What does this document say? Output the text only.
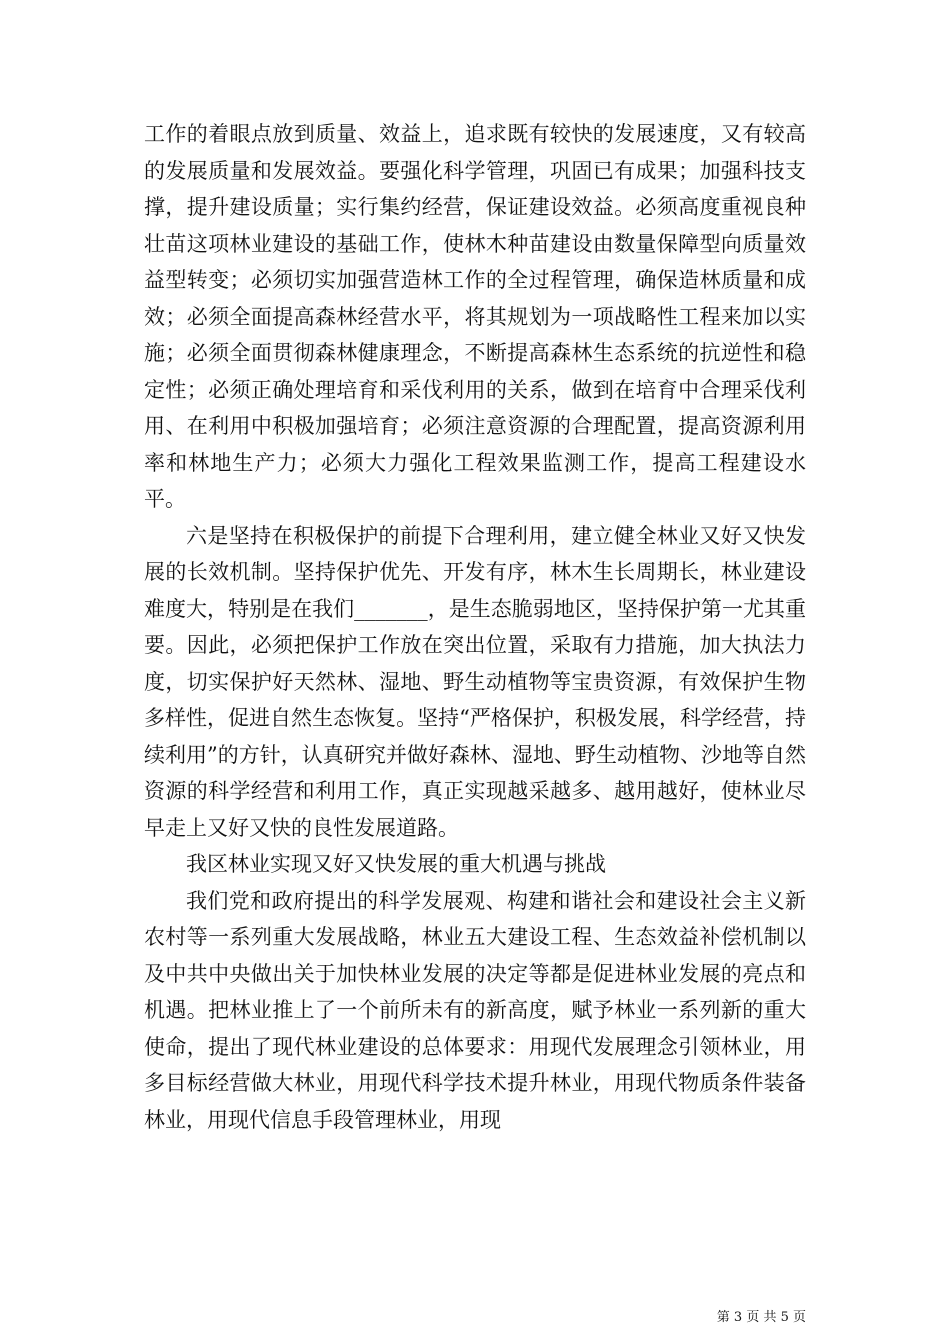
工作的着眼点放到质量、效益上，追求既有较快的发展速度，又有较高的发展质量和发展效益。要强化科学管理，巩固已有成果；加强科技支撑，提升建设质量；实行集约经营，保证建设效益。必须高度重视良种壮苗这项林业建设的基础工作，使林木种苗建设由数量保障型向质量效益型转变；必须切实加强营造林工作的全过程管理，确保造林质量和成效；必须全面提高森林经营水平，将其规划为一项战略性工程来加以实施；必须全面贯彻森林健康理念，不断提高森林生态系统的抗逆性和稳定性；必须正确处理培育和采伐利用的关系，做到在培育中合理采伐利用、在利用中积极加强培育；必须注意资源的合理配置，提高资源利用率和林地生产力；必须大力强化工程效果监测工作，提高工程建设水平。

六是坚持在积极保护的前提下合理利用，建立健全林业又好又快发展的长效机制。坚持保护优先、开发有序，林木生长周期长，林业建设难度大，特别是在我们_______，是生态脆弱地区，坚持保护第一尤其重要。因此，必须把保护工作放在突出位置，采取有力措施，加大执法力度，切实保护好天然林、湿地、野生动植物等宝贵资源，有效保护生物多样性，促进自然生态恢复。坚持“严格保护，积极发展，科学经营，持续利用”的方针，认真研究并做好森林、湿地、野生动植物、沙地等自然资源的科学经营和利用工作，真正实现越采越多、越用越好，使林业尽早走上又好又快的良性发展道路。

我区林业实现又好又快发展的重大机遇与挑战

我们党和政府提出的科学发展观、构建和谐社会和建设社会主义新农村等一系列重大发展战略，林业五大建设工程、生态效益补偿机制以及中共中央做出关于加快林业发展的决定等都是促进林业发展的亮点和机遇。把林业推上了一个前所未有的新高度，赋予林业一系列新的重大使命，提出了现代林业建设的总体要求：用现代发展理念引领林业，用多目标经营做大林业，用现代科学技术提升林业，用现代物质条件装备林业，用现代信息手段管理林业，用现

第 3 页 共 5 页
